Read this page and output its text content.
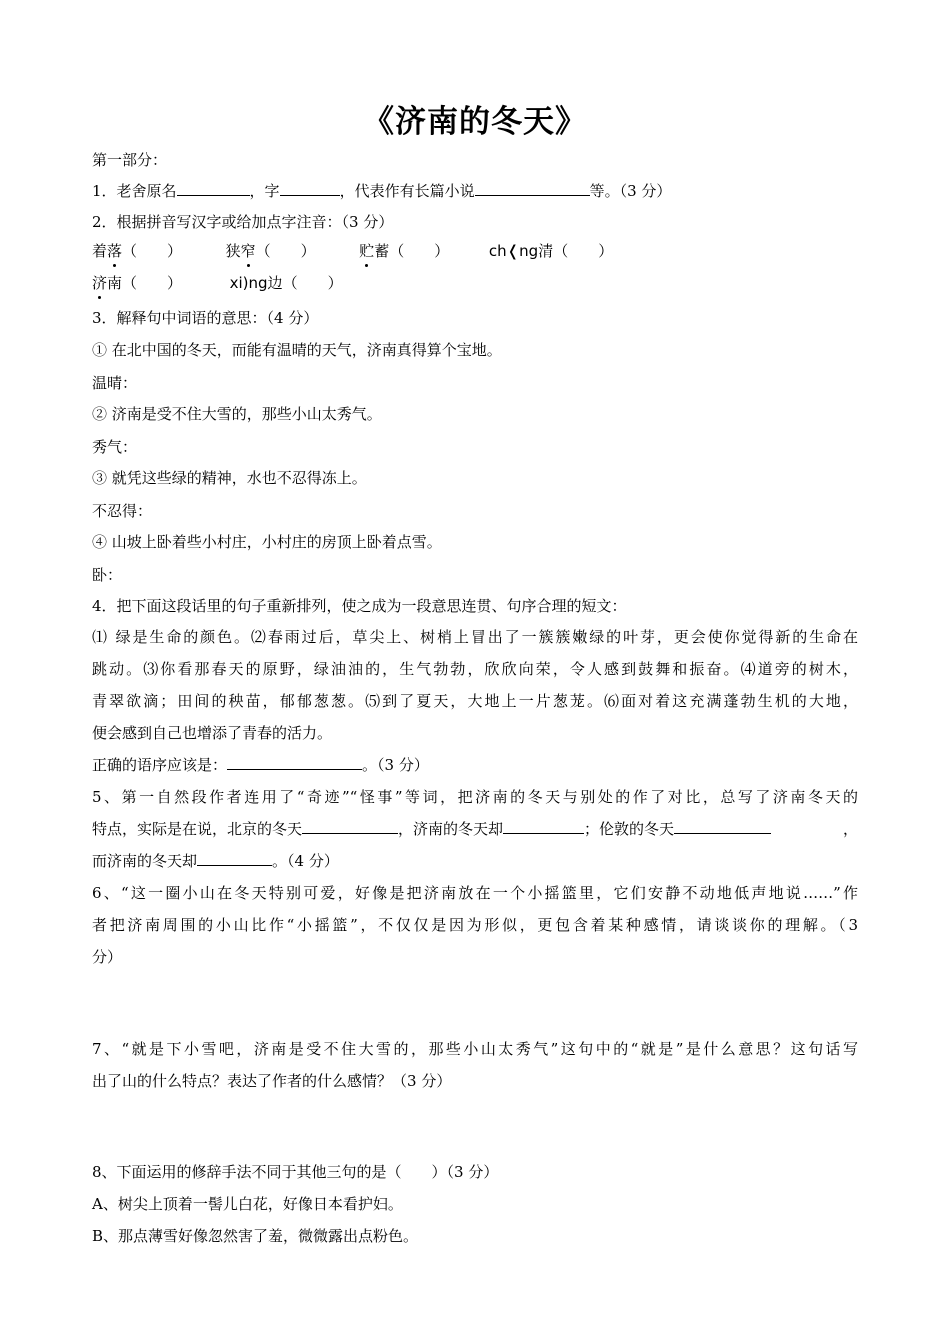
《济南的冬天》
第一部分：
1．老舍原名	，字	，代表作有长篇小说	等。（3 分）
2．根据拼音写汉字或给加点字注音：（3 分）
着落（　　）	狭窄（　　）	贮蓄（　　）	ch❬ng清（　　）
济南（　　）	xi)ng边（　　）
3．解释句中词语的意思：（4 分）
① 在北中国的冬天，而能有温晴的天气，济南真得算个宝地。
温晴：
② 济南是受不住大雪的，那些小山太秀气。
秀气：
③ 就凭这些绿的精神，水也不忍得冻上。
不忍得：
④ 山坡上卧着些小村庄，小村庄的房顶上卧着点雪。
卧：
4．把下面这段话里的句子重新排列，使之成为一段意思连贯、句序合理的短文：
⑴ 绿是生命的颜色。⑵春雨过后，草尖上、树梢上冒出了一簇簇嫩绿的叶芽，更会使你觉得新的生命在
跳动。⑶你看那春天的原野，绿油油的，生气勃勃，欣欣向荣，令人感到鼓舞和振奋。⑷道旁的树木，
青翠欲滴；田间的秧苗，郁郁葱葱。⑸到了夏天，大地上一片葱茏。⑹面对着这充满蓬勃生机的大地，
便会感到自己也增添了青春的活力。
正确的语序应该是：	。（3 分）
5、第一自然段作者连用了“奇迹”“怪事”等词，把济南的冬天与别处的作了对比，总写了济南冬天的
特点，实际是在说，北京的冬天	，济南的冬天却	；伦敦的冬天	，
而济南的冬天却	。（4 分）
6、“这一圈小山在冬天特别可爱，好像是把济南放在一个小摇篮里，它们安静不动地低声地说……”作
者把济南周围的小山比作“小摇篮”，不仅仅是因为形似，更包含着某种感情，请谈谈你的理解。（3
分）
7、“就是下小雪吧，济南是受不住大雪的，那些小山太秀气”这句中的“就是”是什么意思？这句话写
出了山的什么特点？表达了作者的什么感情？（3 分）
8、下面运用的修辞手法不同于其他三句的是（　　）（3 分）
A、树尖上顶着一髻儿白花，好像日本看护妇。
B、那点薄雪好像忽然害了羞，微微露出点粉色。
